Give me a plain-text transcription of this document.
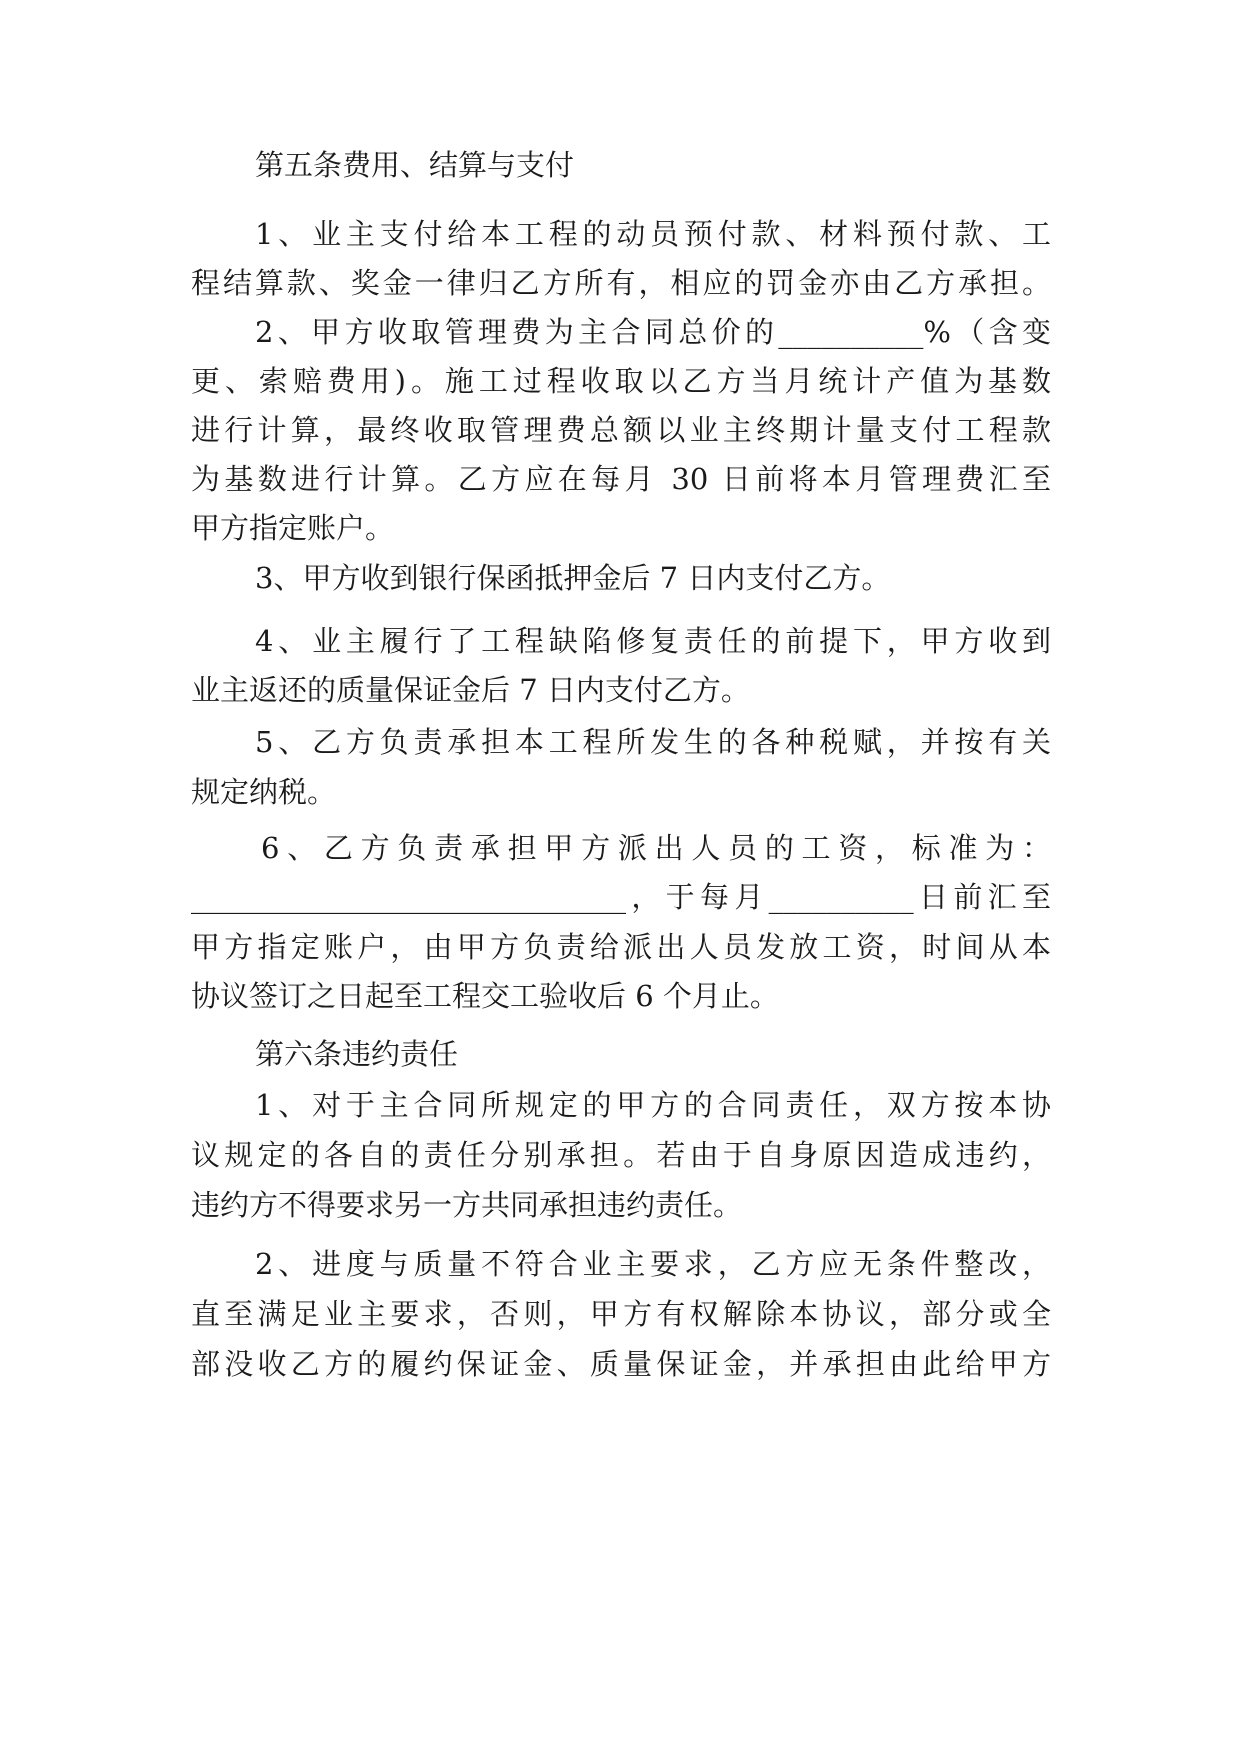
第五条费用、结算与支付
1、业主支付给本工程的动员预付款、材料预付款、工
程结算款、奖金一律归乙方所有，相应的罚金亦由乙方承担。
2、甲方收取管理费为主合同总价的__________%（含变
更、索赔费用)。施工过程收取以乙方当月统计产值为基数
进行计算，最终收取管理费总额以业主终期计量支付工程款
为基数进行计算。乙方应在每月 30 日前将本月管理费汇至
甲方指定账户。
3、甲方收到银行保函抵押金后 7 日内支付乙方。
4、业主履行了工程缺陷修复责任的前提下，甲方收到
业主返还的质量保证金后 7 日内支付乙方。
5、乙方负责承担本工程所发生的各种税赋，并按有关
规定纳税。
6、乙方负责承担甲方派出人员的工资，标准为：
______________________________，于每月__________日前汇至
甲方指定账户，由甲方负责给派出人员发放工资，时间从本
协议签订之日起至工程交工验收后 6 个月止。
第六条违约责任
1、对于主合同所规定的甲方的合同责任，双方按本协
议规定的各自的责任分别承担。若由于自身原因造成违约，
违约方不得要求另一方共同承担违约责任。
2、进度与质量不符合业主要求，乙方应无条件整改，
直至满足业主要求，否则，甲方有权解除本协议，部分或全
部没收乙方的履约保证金、质量保证金，并承担由此给甲方
